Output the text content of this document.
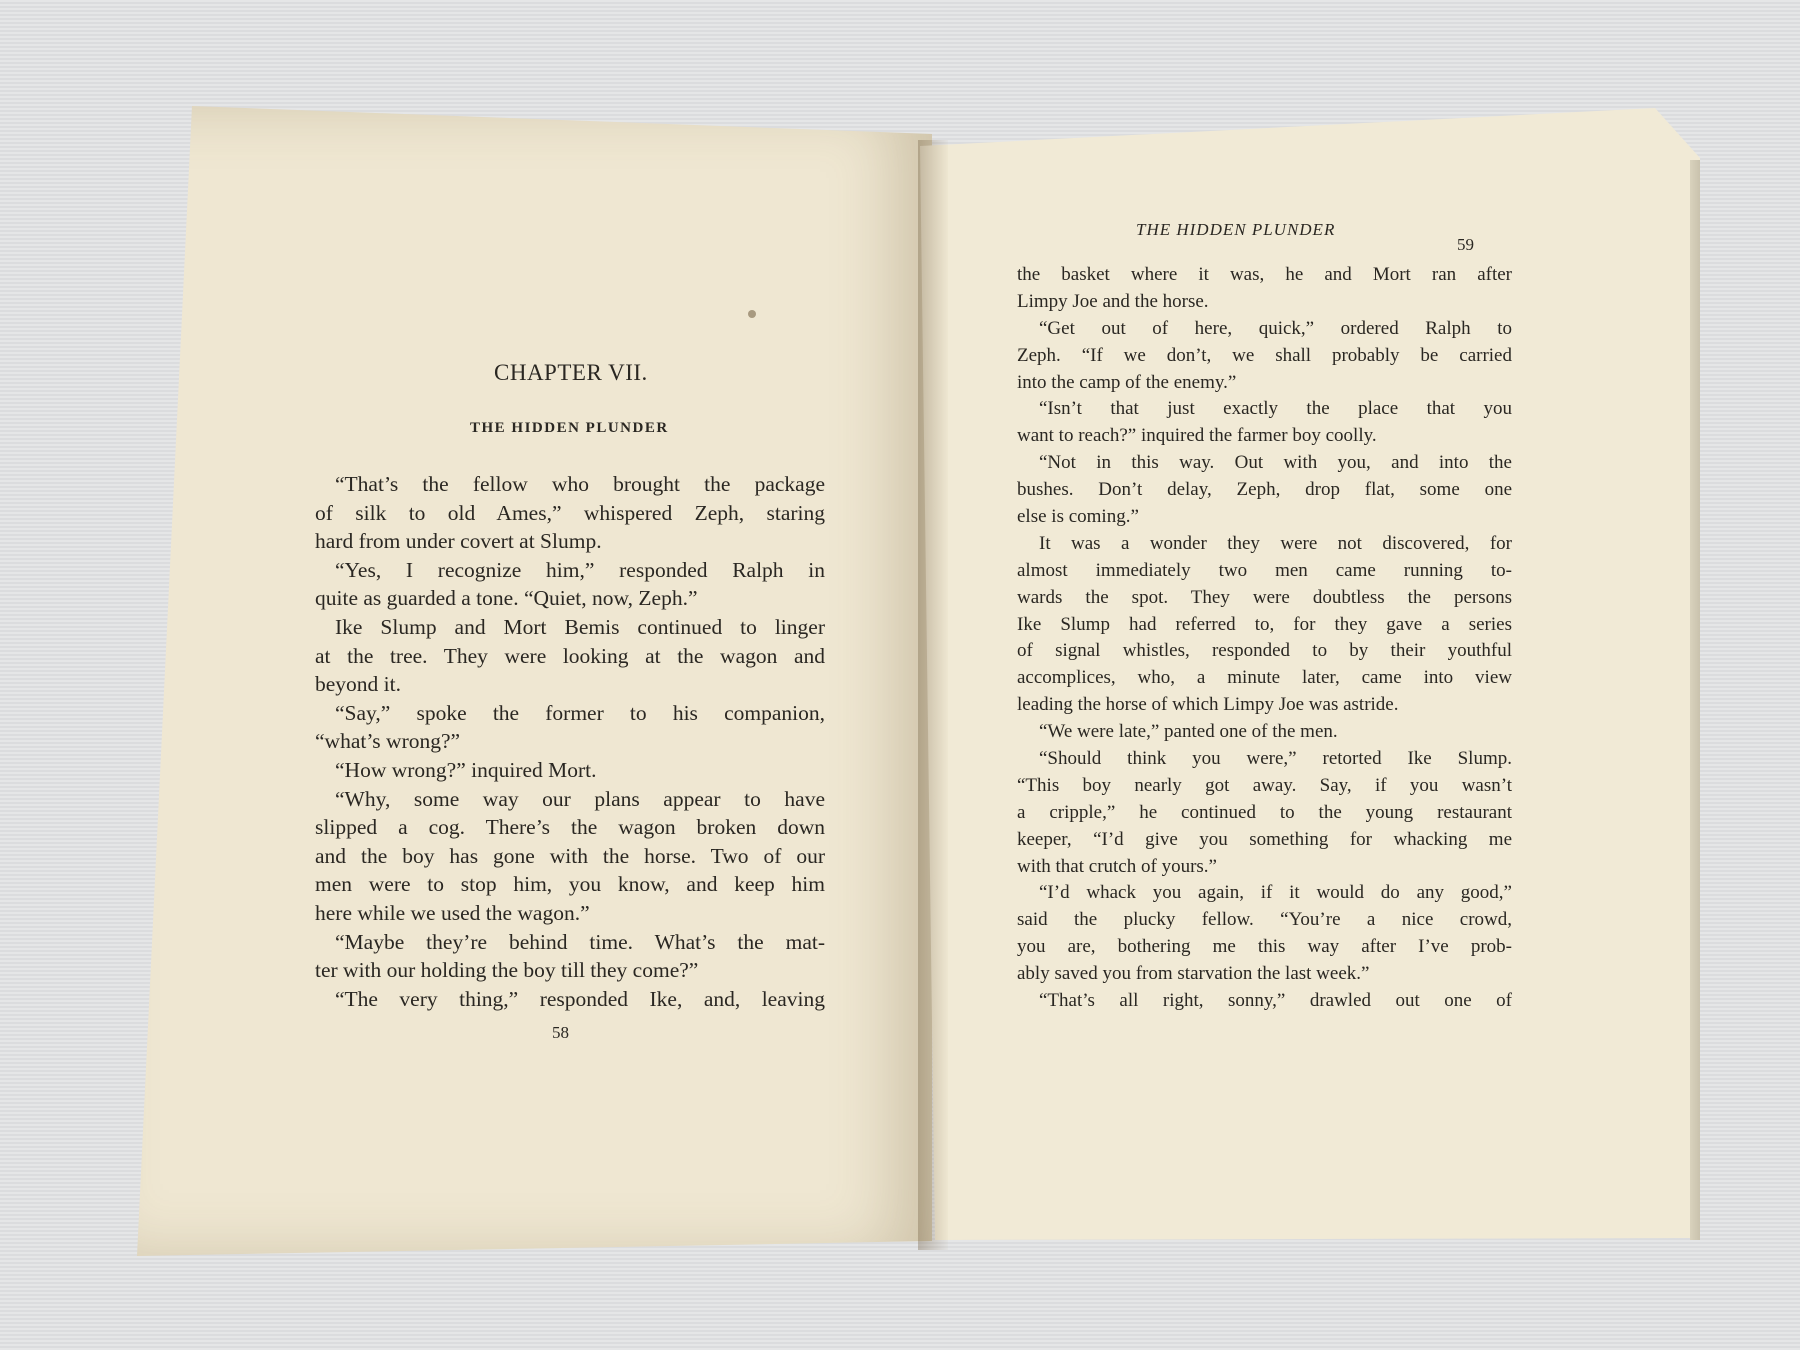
CHAPTER VII.
THE HIDDEN PLUNDER
“That’s the fellow who brought the package
of silk to old Ames,” whispered Zeph, staring
hard from under covert at Slump.
“Yes, I recognize him,” responded Ralph in
quite as guarded a tone. “Quiet, now, Zeph.”
Ike Slump and Mort Bemis continued to linger
at the tree. They were looking at the wagon and
beyond it.
“Say,” spoke the former to his companion,
“what’s wrong?”
“How wrong?” inquired Mort.
“Why, some way our plans appear to have
slipped a cog. There’s the wagon broken down
and the boy has gone with the horse. Two of our
men were to stop him, you know, and keep him
here while we used the wagon.”
“Maybe they’re behind time. What’s the mat-
ter with our holding the boy till they come?”
“The very thing,” responded Ike, and, leaving
58
THE HIDDEN PLUNDER
59
the basket where it was, he and Mort ran after
Limpy Joe and the horse.
“Get out of here, quick,” ordered Ralph to
Zeph. “If we don’t, we shall probably be carried
into the camp of the enemy.”
“Isn’t that just exactly the place that you
want to reach?” inquired the farmer boy coolly.
“Not in this way. Out with you, and into the
bushes. Don’t delay, Zeph, drop flat, some one
else is coming.”
It was a wonder they were not discovered, for
almost immediately two men came running to-
wards the spot. They were doubtless the persons
Ike Slump had referred to, for they gave a series
of signal whistles, responded to by their youthful
accomplices, who, a minute later, came into view
leading the horse of which Limpy Joe was astride.
“We were late,” panted one of the men.
“Should think you were,” retorted Ike Slump.
“This boy nearly got away. Say, if you wasn’t
a cripple,” he continued to the young restaurant
keeper, “I’d give you something for whacking me
with that crutch of yours.”
“I’d whack you again, if it would do any good,”
said the plucky fellow. “You’re a nice crowd,
you are, bothering me this way after I’ve prob-
ably saved you from starvation the last week.”
“That’s all right, sonny,” drawled out one of
